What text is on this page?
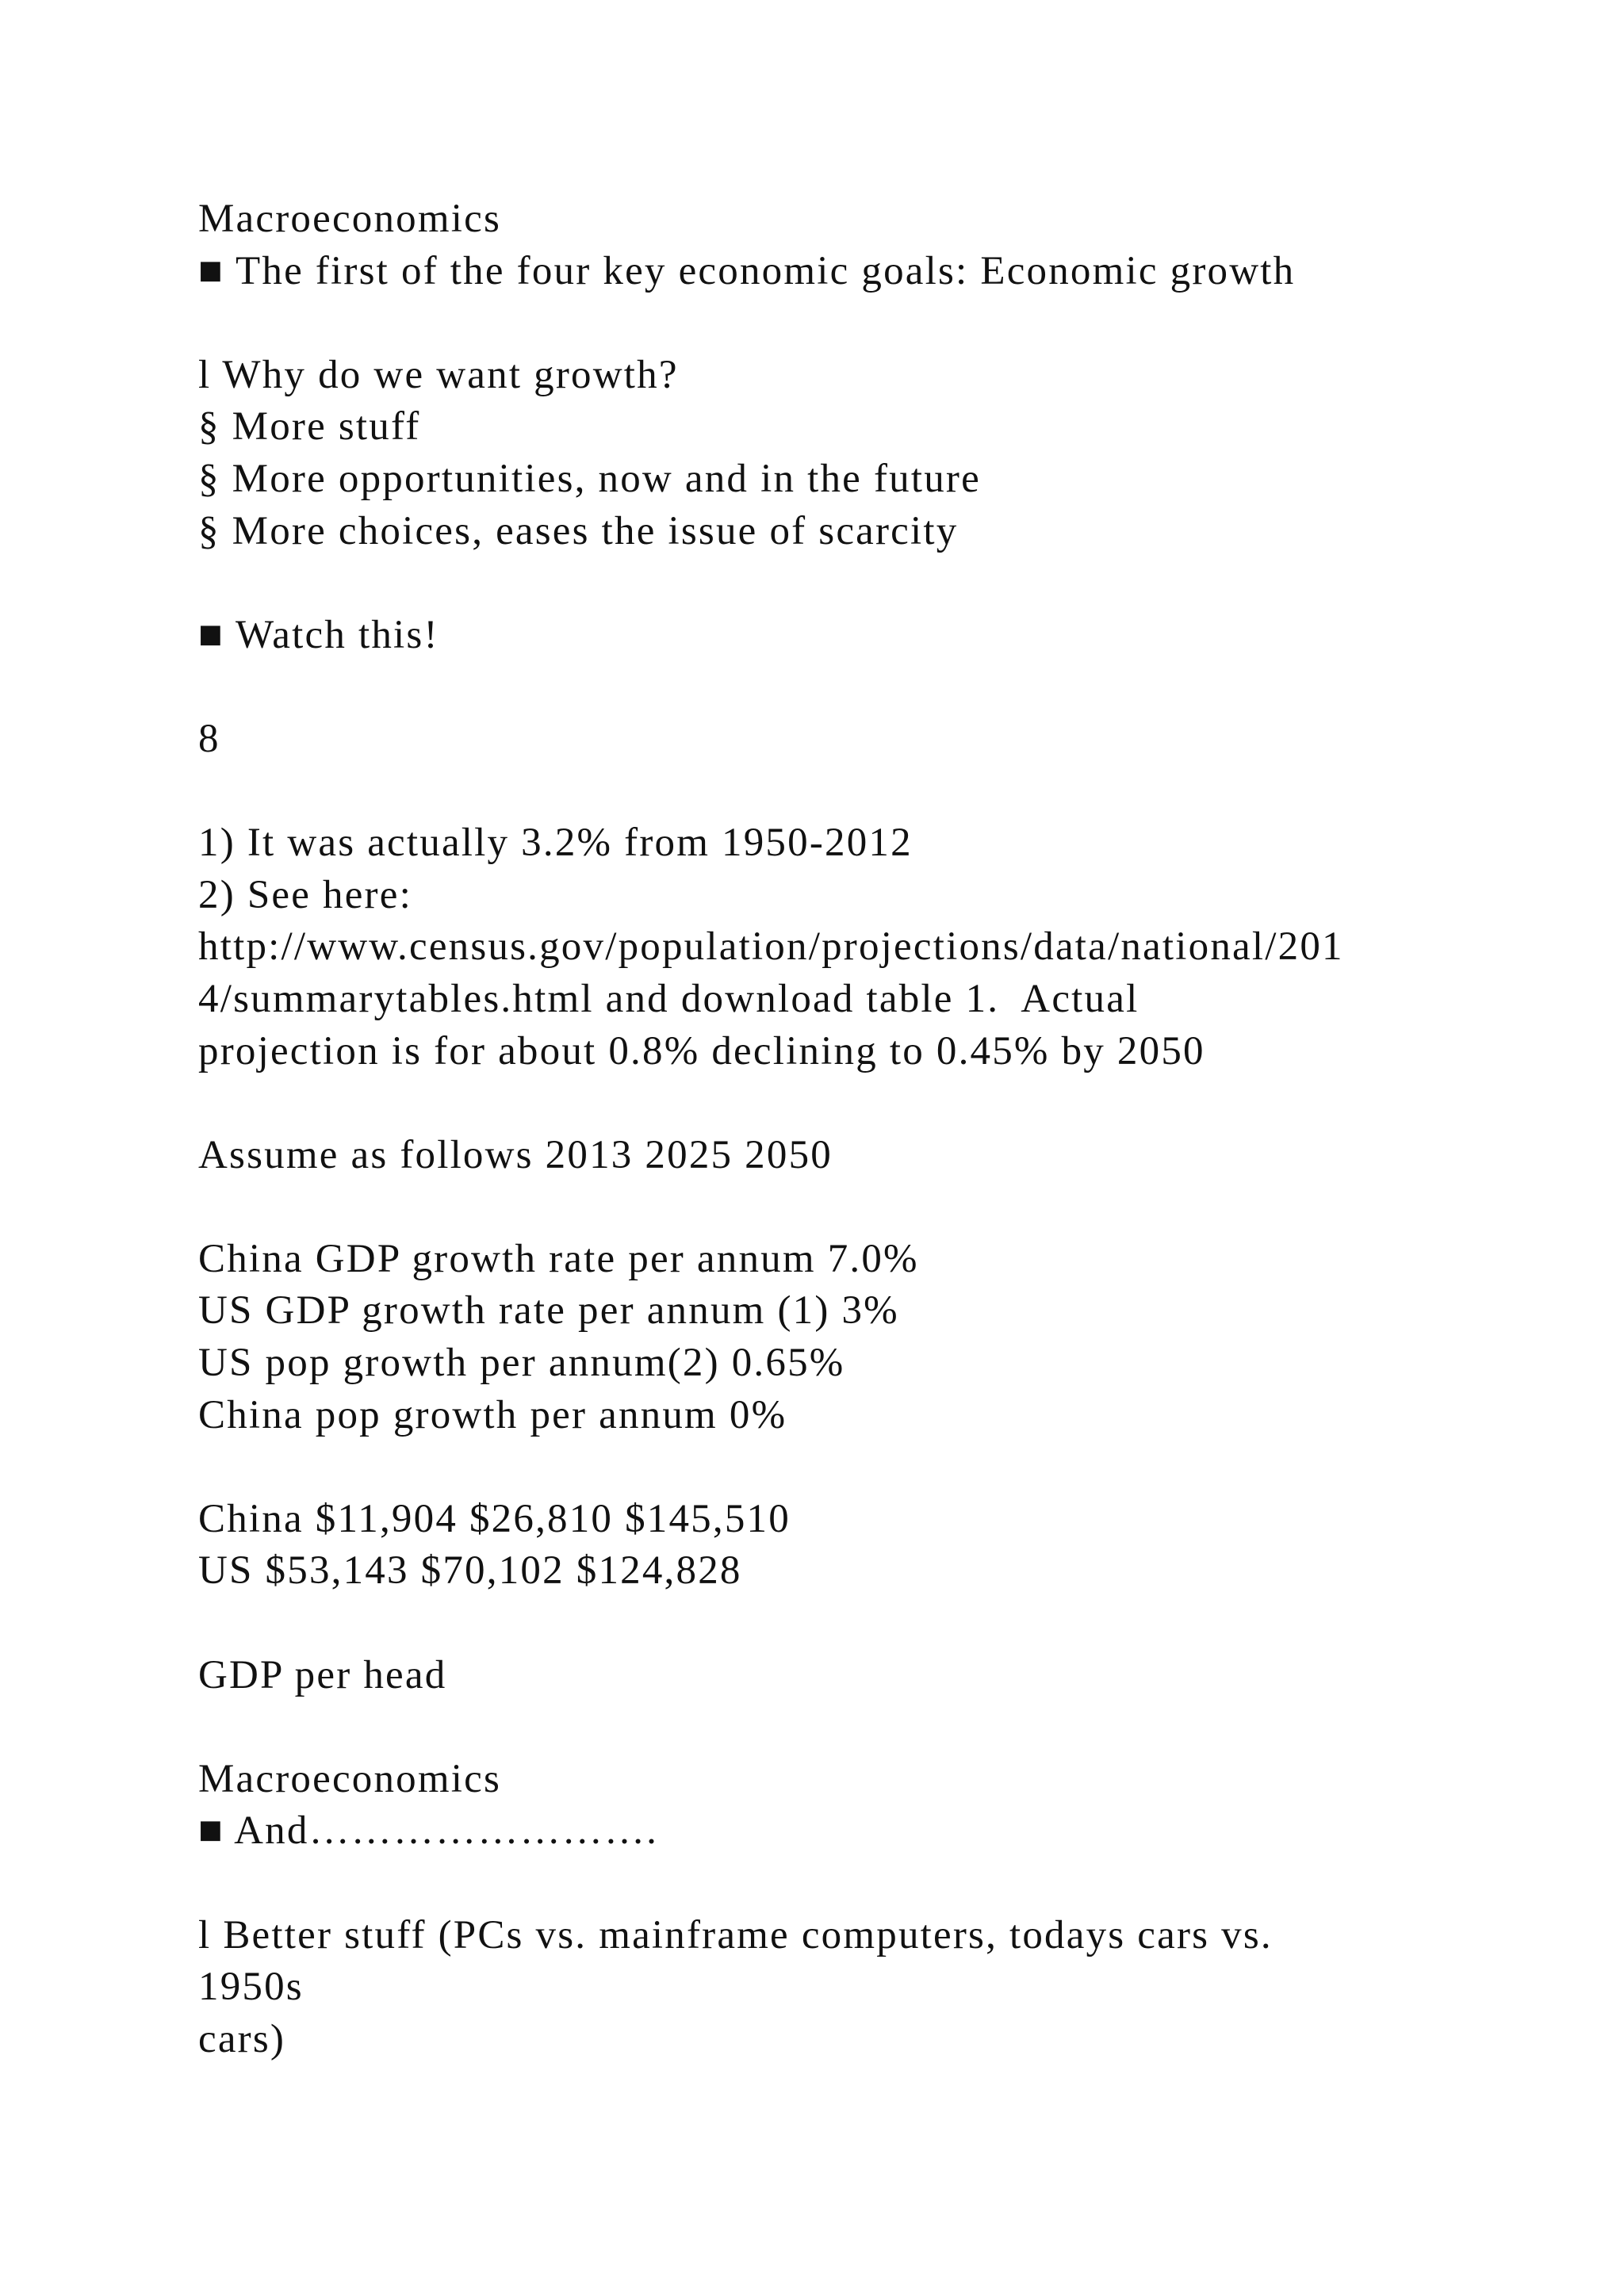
Macroeconomics
■ The first of the four key economic goals: Economic growth
l Why do we want growth?
§ More stuff
§ More opportunities, now and in the future
§ More choices, eases the issue of scarcity
■ Watch this!
8
1) It was actually 3.2% from 1950-2012
2) See here:
http://www.census.gov/population/projections/data/national/201
4/summarytables.html and download table 1.  Actual
projection is for about 0.8% declining to 0.45% by 2050
Assume as follows 2013 2025 2050
China GDP growth rate per annum 7.0%
US GDP growth rate per annum (1) 3%
US pop growth per annum(2) 0.65%
China pop growth per annum 0%
China $11,904 $26,810 $145,510
US $53,143 $70,102 $124,828
GDP per head
Macroeconomics
■ And…………………….
l Better stuff (PCs vs. mainframe computers, todays cars vs.
1950s
cars)
